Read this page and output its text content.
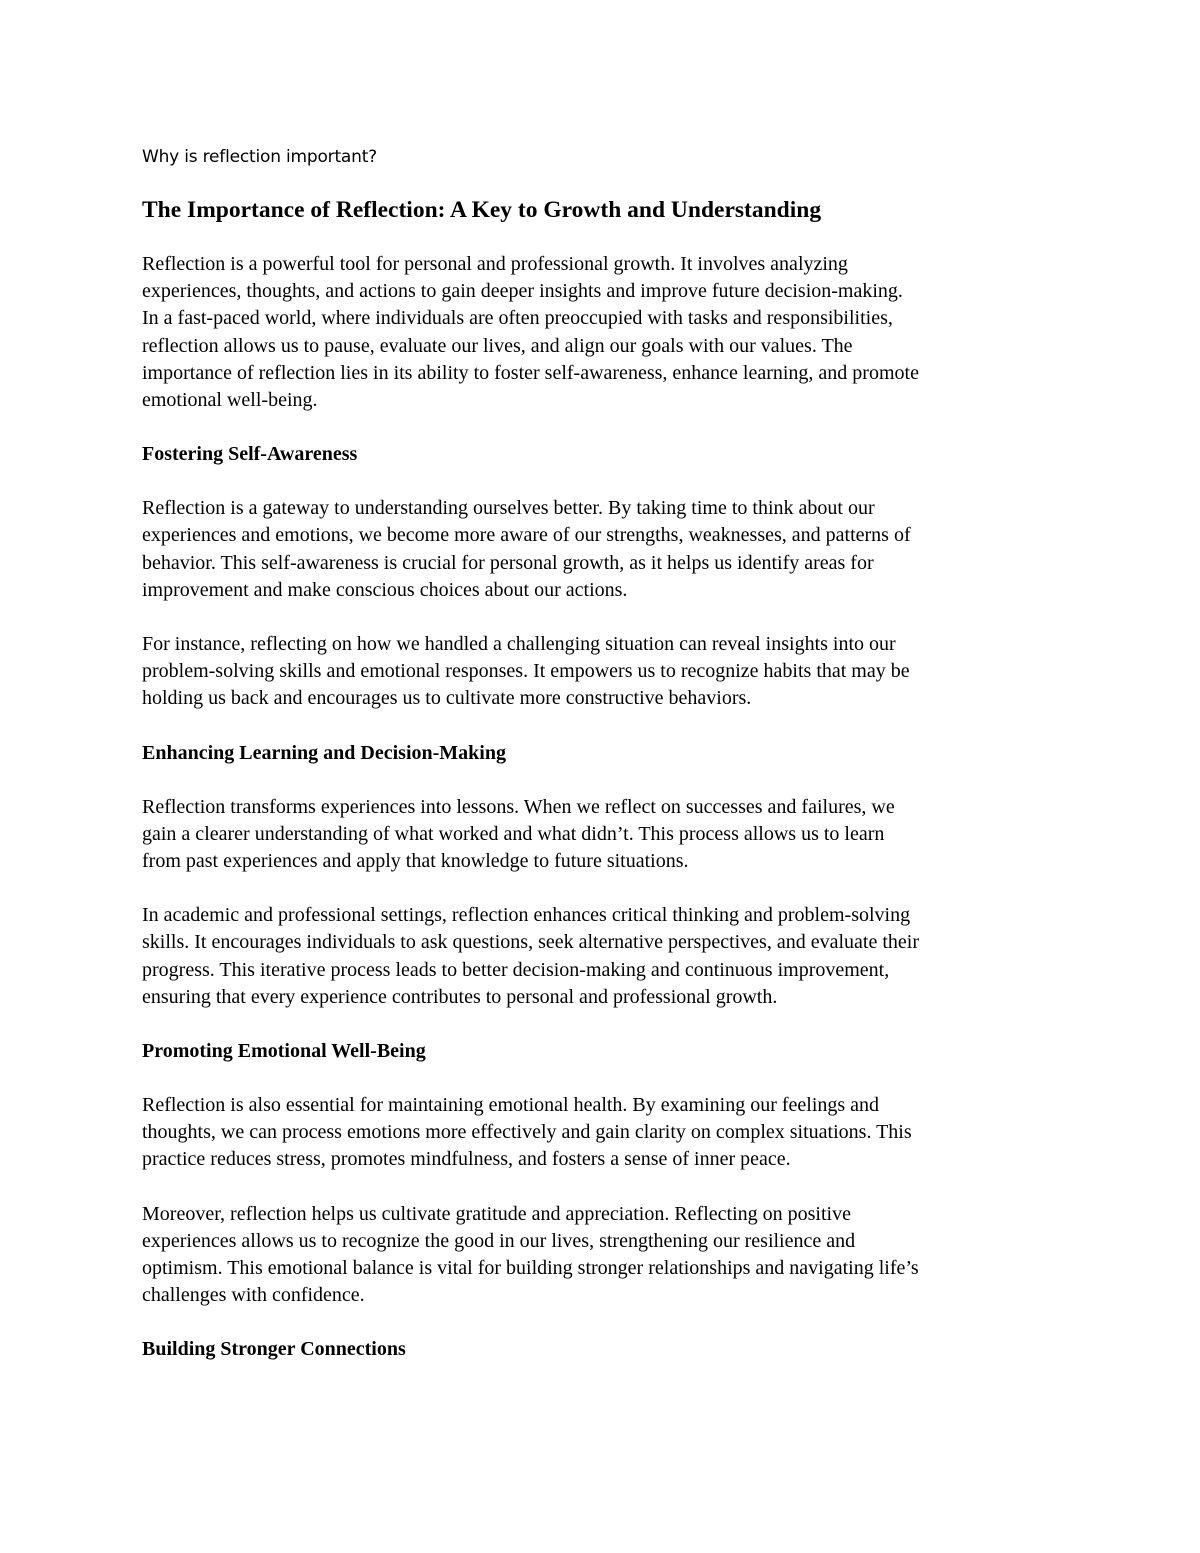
Why is reflection important?

The Importance of Reflection: A Key to Growth and Understanding
Reflection is a powerful tool for personal and professional growth. It involves analyzing
experiences, thoughts, and actions to gain deeper insights and improve future decision-making.
In a fast-paced world, where individuals are often preoccupied with tasks and responsibilities,
reflection allows us to pause, evaluate our lives, and align our goals with our values. The
importance of reflection lies in its ability to foster self-awareness, enhance learning, and promote
emotional well-being.
Fostering Self-Awareness
Reflection is a gateway to understanding ourselves better. By taking time to think about our
experiences and emotions, we become more aware of our strengths, weaknesses, and patterns of
behavior. This self-awareness is crucial for personal growth, as it helps us identify areas for
improvement and make conscious choices about our actions.
For instance, reflecting on how we handled a challenging situation can reveal insights into our
problem-solving skills and emotional responses. It empowers us to recognize habits that may be
holding us back and encourages us to cultivate more constructive behaviors.
Enhancing Learning and Decision-Making
Reflection transforms experiences into lessons. When we reflect on successes and failures, we
gain a clearer understanding of what worked and what didn’t. This process allows us to learn
from past experiences and apply that knowledge to future situations.
In academic and professional settings, reflection enhances critical thinking and problem-solving
skills. It encourages individuals to ask questions, seek alternative perspectives, and evaluate their
progress. This iterative process leads to better decision-making and continuous improvement,
ensuring that every experience contributes to personal and professional growth.
Promoting Emotional Well-Being
Reflection is also essential for maintaining emotional health. By examining our feelings and
thoughts, we can process emotions more effectively and gain clarity on complex situations. This
practice reduces stress, promotes mindfulness, and fosters a sense of inner peace.
Moreover, reflection helps us cultivate gratitude and appreciation. Reflecting on positive
experiences allows us to recognize the good in our lives, strengthening our resilience and
optimism. This emotional balance is vital for building stronger relationships and navigating life’s
challenges with confidence.
Building Stronger Connections
